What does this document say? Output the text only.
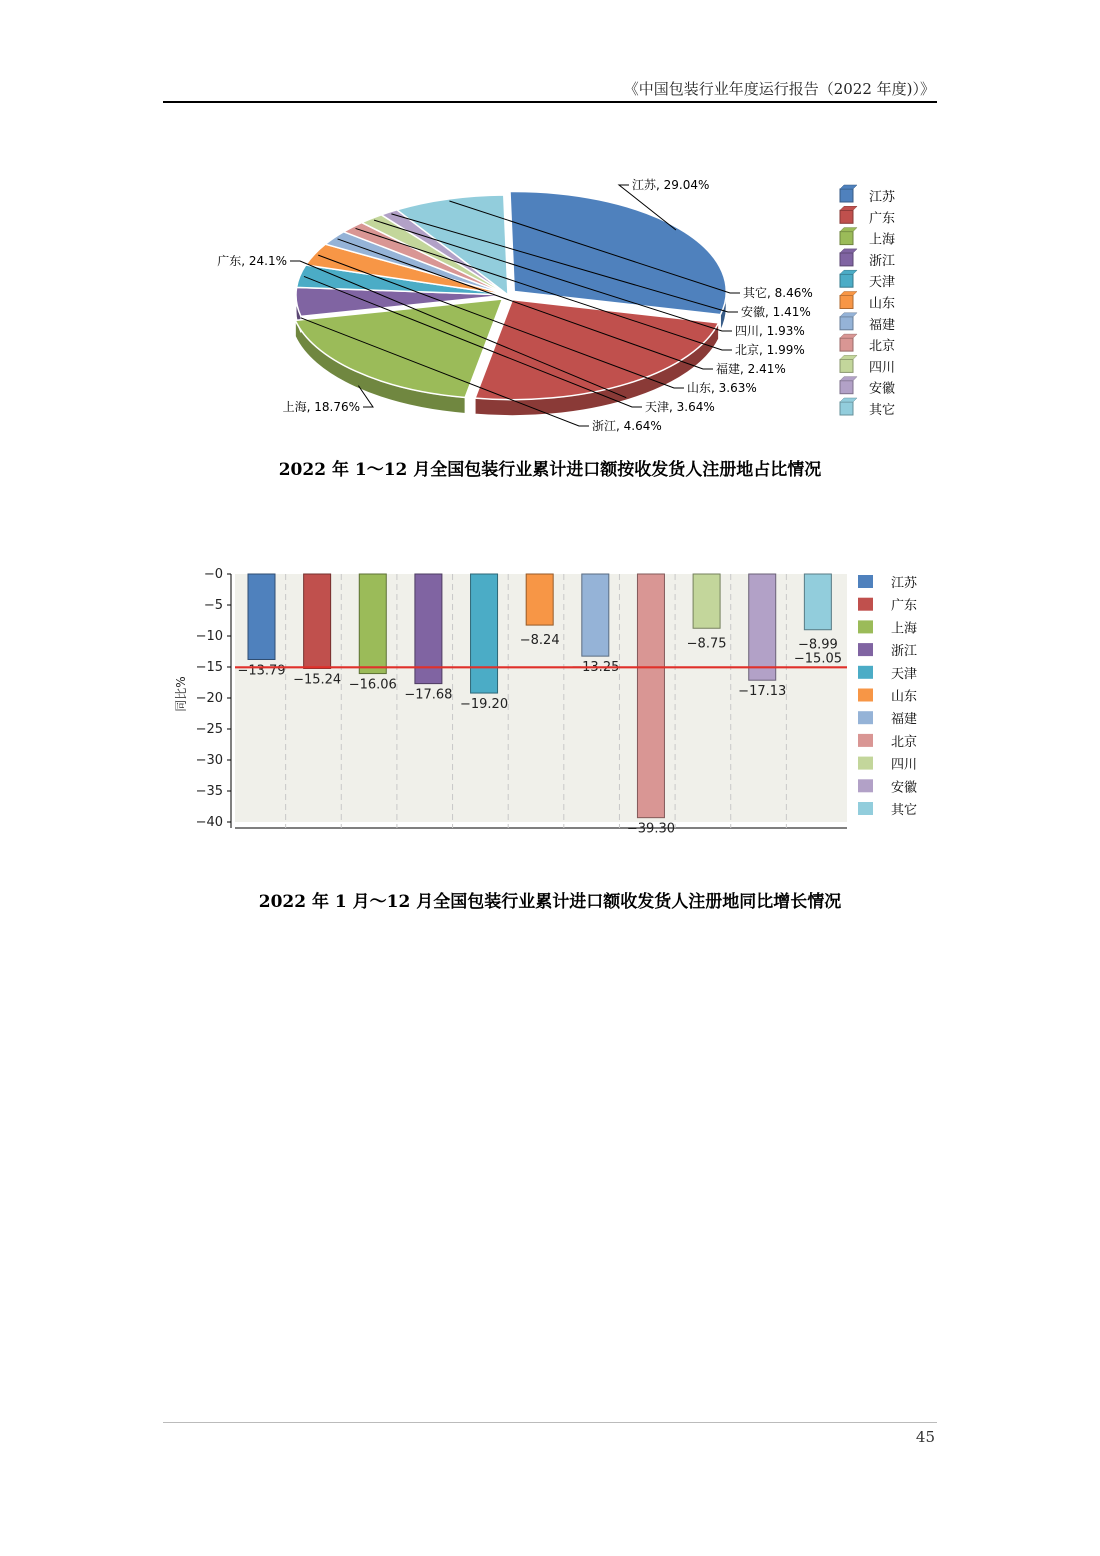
《中国包装行业年度运行报告（2022 年度)）》
江苏, 29.04%
广东, 24.1%
上海, 18.76%
浙江, 4.64%
天津, 3.64%
山东, 3.63%
福建, 2.41%
北京, 1.99%
四川, 1.93%
安徽, 1.41%
其它, 8.46%
江苏
广东
上海
浙江
天津
山东
福建
北京
四川
安徽
其它
2022 年 1～12 月全国包装行业累计进口额按收发货人注册地占比情况
−0
−5
−10
−15
−20
−25
−30
−35
−40
同比%
−13.79
−15.24 −16.06
−17.68
−19.20
−8.24
−13.25
−39.30
−8.75
−17.13
−8.99
−15.05
江苏
广东
上海
浙江
天津
山东
福建
北京
四川
安徽
其它
2022 年 1 月～12 月全国包装行业累计进口额收发货人注册地同比增长情况
45
